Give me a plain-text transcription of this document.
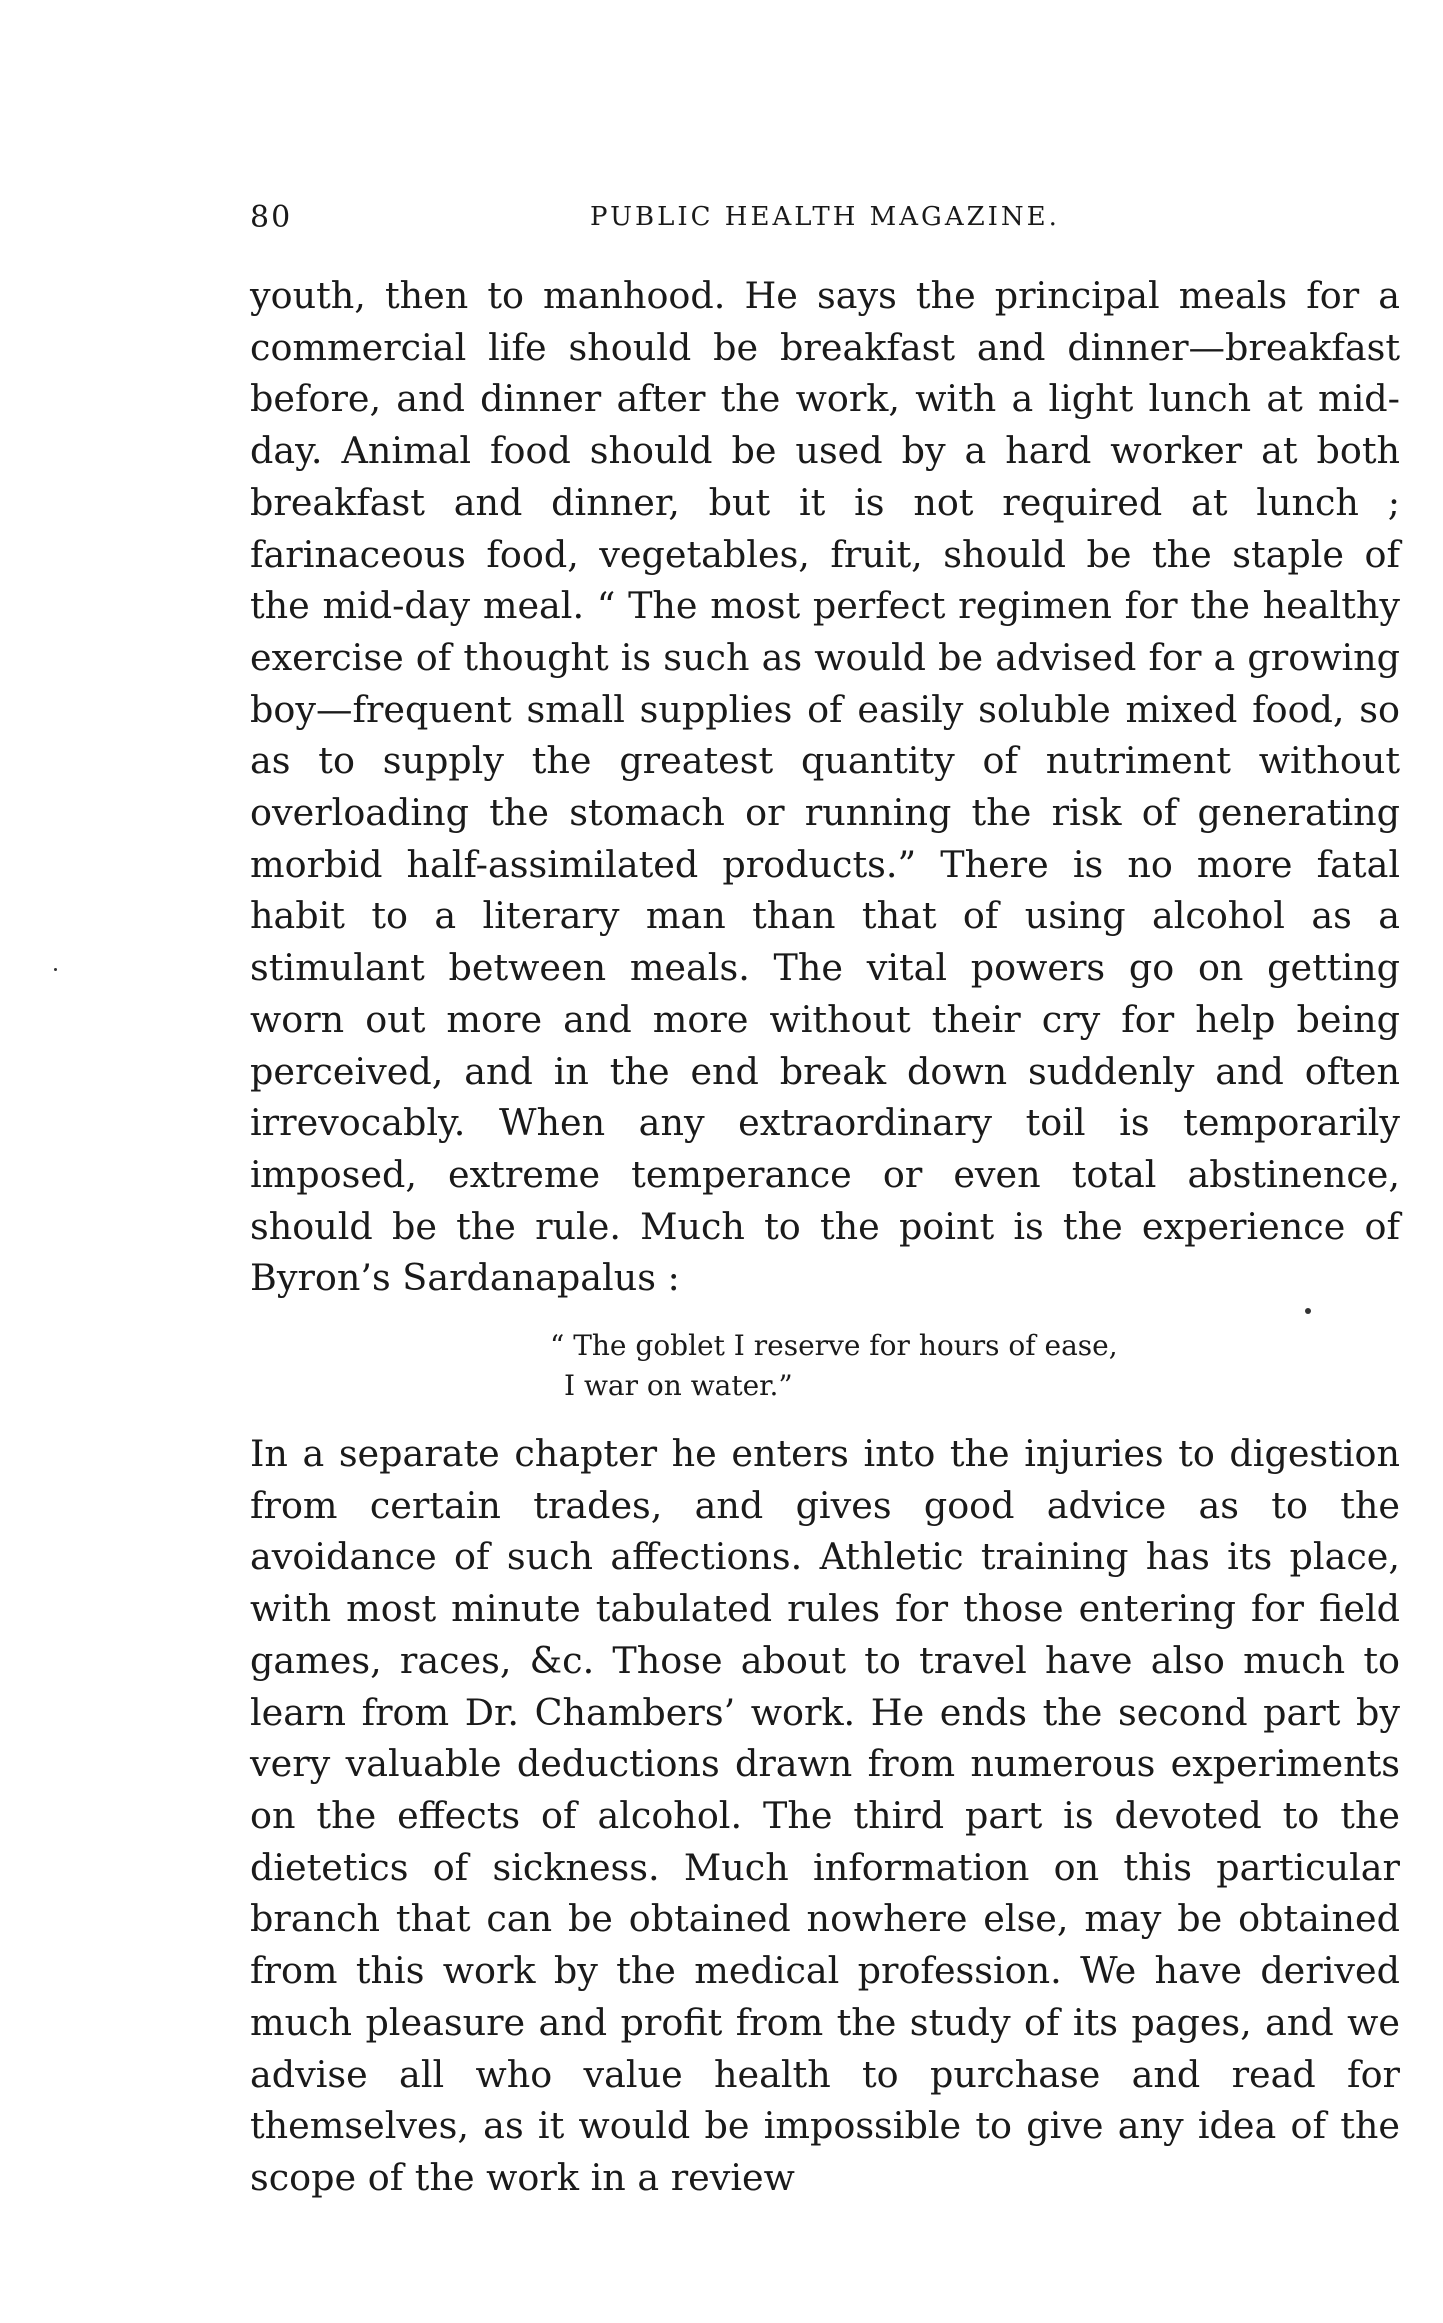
80	PUBLIC HEALTH MAGAZINE.

youth, then to manhood. He says the principal meals for a commercial life should be breakfast and dinner—breakfast before, and dinner after the work, with a light lunch at mid-day. Animal food should be used by a hard worker at both breakfast and dinner, but it is not required at lunch ; farinaceous food, vegetables, fruit, should be the staple of the mid-day meal. “ The most perfect regimen for the healthy exercise of thought is such as would be advised for a growing boy—frequent small supplies of easily soluble mixed food, so as to supply the greatest quantity of nutriment without overloading the stomach or running the risk of generating morbid half-assimilated products.” There is no more fatal habit to a literary man than that of using alcohol as a stimulant between meals. The vital powers go on getting worn out more and more without their cry for help being perceived, and in the end break down suddenly and often irrevocably. When any extraordinary toil is temporarily imposed, extreme temperance or even total abstinence, should be the rule. Much to the point is the experience of Byron’s Sardanapalus :

“ The goblet I reserve for hours of ease,
I war on water.”

In a separate chapter he enters into the injuries to digestion from certain trades, and gives good advice as to the avoidance of such affections. Athletic training has its place, with most minute tabulated rules for those entering for field games, races, &c. Those about to travel have also much to learn from Dr. Chambers’ work. He ends the second part by very valuable deductions drawn from numerous experiments on the effects of alcohol. The third part is devoted to the dietetics of sickness. Much information on this particular branch that can be obtained nowhere else, may be obtained from this work by the medical profession. We have derived much pleasure and profit from the study of its pages, and we advise all who value health to purchase and read for themselves, as it would be impossible to give any idea of the scope of the work in a review
